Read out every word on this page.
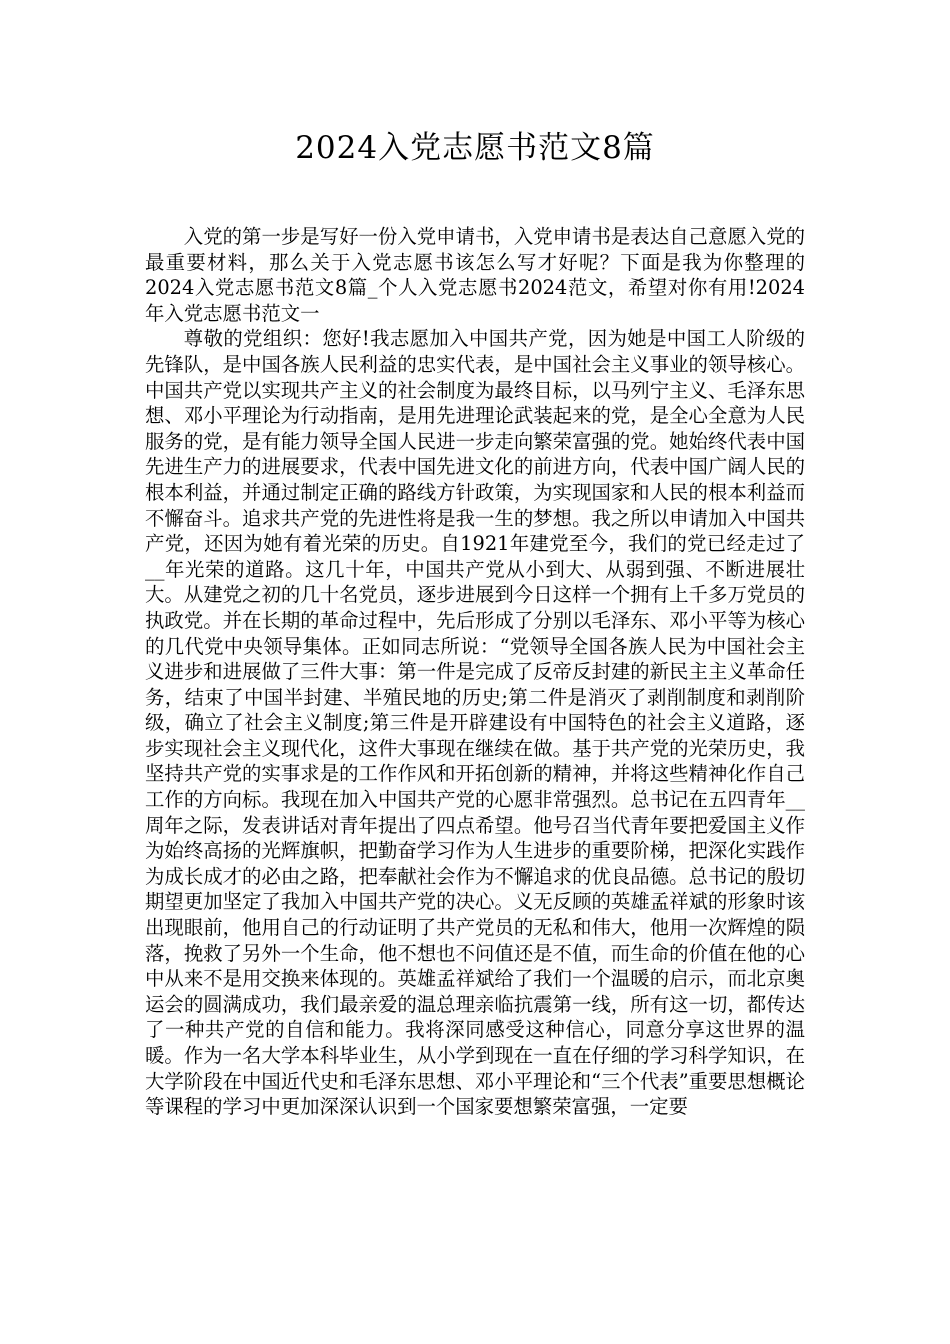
2024入党志愿书范文8篇

入党的第一步是写好一份入党申请书，入党申请书是表达自己意愿入党的最重要材料，那么关于入党志愿书该怎么写才好呢？下面是我为你整理的2024入党志愿书范文8篇_个人入党志愿书2024范文，希望对你有用!2024年入党志愿书范文一

尊敬的党组织：您好!我志愿加入中国共产党，因为她是中国工人阶级的先锋队，是中国各族人民利益的忠实代表，是中国社会主义事业的领导核心。中国共产党以实现共产主义的社会制度为最终目标，以马列宁主义、毛泽东思想、邓小平理论为行动指南，是用先进理论武装起来的党，是全心全意为人民服务的党，是有能力领导全国人民进一步走向繁荣富强的党。她始终代表中国先进生产力的进展要求，代表中国先进文化的前进方向，代表中国广阔人民的根本利益，并通过制定正确的路线方针政策，为实现国家和人民的根本利益而不懈奋斗。追求共产党的先进性将是我一生的梦想。我之所以申请加入中国共产党，还因为她有着光荣的历史。自1921年建党至今，我们的党已经走过了__年光荣的道路。这几十年，中国共产党从小到大、从弱到强、不断进展壮大。从建党之初的几十名党员，逐步进展到今日这样一个拥有上千多万党员的执政党。并在长期的革命过程中，先后形成了分别以毛泽东、邓小平等为核心的几代党中央领导集体。正如同志所说：“党领导全国各族人民为中国社会主义进步和进展做了三件大事：第一件是完成了反帝反封建的新民主主义革命任务，结束了中国半封建、半殖民地的历史;第二件是消灭了剥削制度和剥削阶级，确立了社会主义制度;第三件是开辟建设有中国特色的社会主义道路，逐步实现社会主义现代化，这件大事现在继续在做。基于共产党的光荣历史，我坚持共产党的实事求是的工作作风和开拓创新的精神，并将这些精神化作自己工作的方向标。我现在加入中国共产党的心愿非常强烈。总书记在五四青年__周年之际，发表讲话对青年提出了四点希望。他号召当代青年要把爱国主义作为始终高扬的光辉旗帜，把勤奋学习作为人生进步的重要阶梯，把深化实践作为成长成才的必由之路，把奉献社会作为不懈追求的优良品德。总书记的殷切期望更加坚定了我加入中国共产党的决心。义无反顾的英雄孟祥斌的形象时该出现眼前，他用自己的行动证明了共产党员的无私和伟大，他用一次辉煌的陨落，挽救了另外一个生命，他不想也不问值还是不值，而生命的价值在他的心中从来不是用交换来体现的。英雄孟祥斌给了我们一个温暖的启示，而北京奥运会的圆满成功，我们最亲爱的温总理亲临抗震第一线，所有这一切，都传达了一种共产党的自信和能力。我将深同感受这种信心，同意分享这世界的温暖。作为一名大学本科毕业生，从小学到现在一直在仔细的学习科学知识，在大学阶段在中国近代史和毛泽东思想、邓小平理论和“三个代表”重要思想概论等课程的学习中更加深深认识到一个国家要想繁荣富强，一定要
